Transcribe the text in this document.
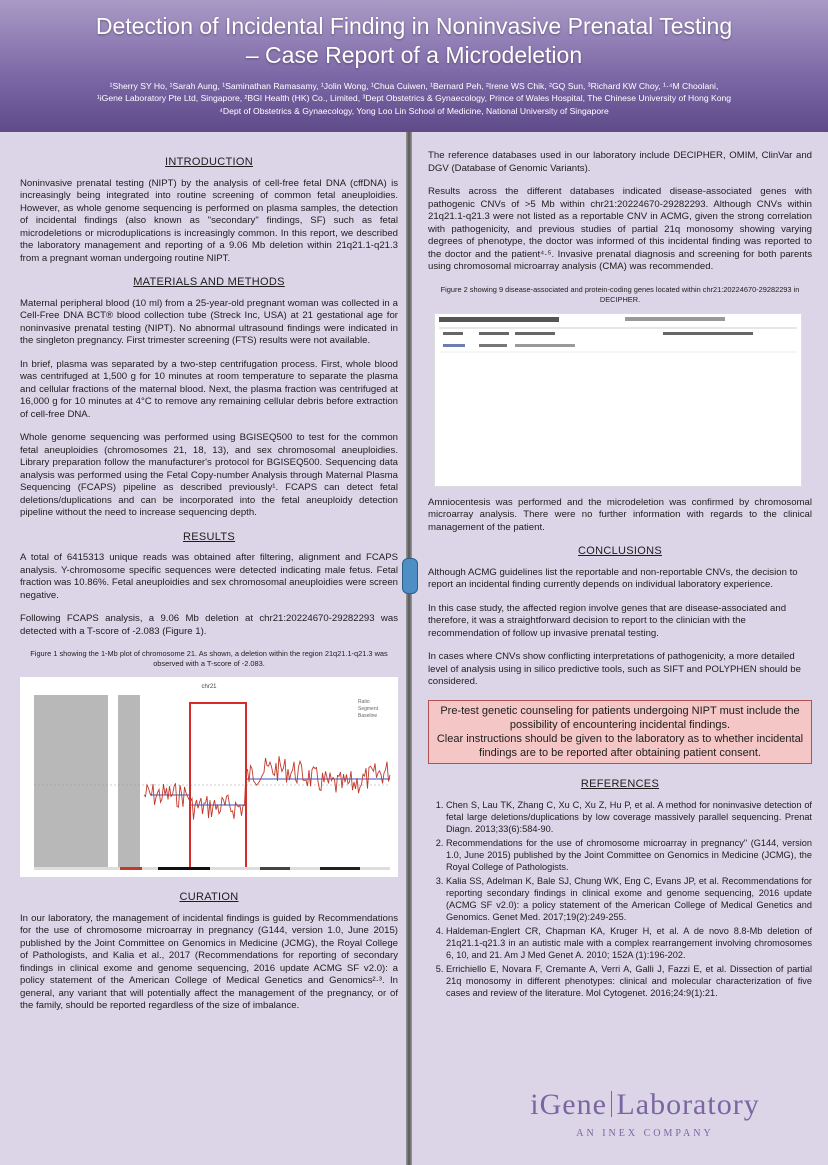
Detection of Incidental Finding in Noninvasive Prenatal Testing
– Case Report of a Microdeletion
¹Sherry SY Ho, ¹Sarah Aung, ¹Saminathan Ramasamy, ¹Jolin Wong, ¹Chua Cuiwen, ¹Bernard Peh, ²Irene WS Chik, ²GQ Sun, ³Richard KW Choy, ¹·⁴M Choolani,
¹iGene Laboratory Pte Ltd, Singapore, ²BGI Health (HK) Co., Limited, ³Dept Obstetrics & Gynaecology, Prince of Wales Hospital, The Chinese University of Hong Kong
⁴Dept of Obstetrics & Gynaecology, Yong Loo Lin School of Medicine, National University of Singapore
INTRODUCTION

Noninvasive prenatal testing (NIPT) by the analysis of cell-free fetal DNA (cffDNA) is increasingly being integrated into routine screening of common fetal aneuploidies. However, as whole genome sequencing is performed on plasma samples, the detection of incidental findings (also known as "secondary" findings, SF) such as fetal microdeletions or microduplications is increasingly common. In this report, we described the laboratory management and reporting of a 9.06 Mb deletion within 21q21.1-q21.3 from a pregnant woman undergoing routine NIPT.

MATERIALS AND METHODS

Maternal peripheral blood (10 ml) from a 25-year-old pregnant woman was collected in a Cell-Free DNA BCT® blood collection tube (Streck Inc, USA) at 21 gestational age for noninvasive prenatal testing (NIPT). No abnormal ultrasound findings were indicated in the singleton pregnancy. First trimester screening (FTS) results were not available.

In brief, plasma was separated by a two-step centrifugation process. First, whole blood was centrifuged at 1,500 g for 10 minutes at room temperature to separate the plasma and cellular fractions of the maternal blood. Next, the plasma fraction was centrifuged at 16,000 g for 10 minutes at 4°C to remove any remaining cellular debris before extraction of cell-free DNA.

Whole genome sequencing was performed using BGISEQ500 to test for the common fetal aneuploidies (chromosomes 21, 18, 13), and sex chromosomal aneuploidies. Library preparation follow the manufacturer's protocol for BGISEQ500. Sequencing data analysis was performed using the Fetal Copy-number Analysis through Maternal Plasma Sequencing (FCAPS) pipeline as described previously¹. FCAPS can detect fetal deletions/duplications and can be incorporated into the fetal aneuploidy detection pipeline without the need to increase sequencing depth.

RESULTS

A total of 6415313 unique reads was obtained after filtering, alignment and FCAPS analysis. Y-chromosome specific sequences were detected indicating male fetus. Fetal fraction was 10.86%. Fetal aneuploidies and sex chromosomal aneuploidies were screen negative.

Following FCAPS analysis, a 9.06 Mb deletion at chr21:20224670-29282293 was detected with a T-score of -2.083 (Figure 1).

Figure 1 showing the 1-Mb plot of chromosome 21. As shown, a deletion within the region 21q21.1-q21.3 was observed with a T-score of -2.083.
chr21
Ratio
Segment
Baseline
CURATION

In our laboratory, the management of incidental findings is guided by Recommendations for the use of chromosome microarray in pregnancy (G144, version 1.0, June 2015) published by the Joint Committee on Genomics in Medicine (JCMG), the Royal College of Pathologists, and Kalia et al., 2017 (Recommendations for reporting of secondary findings in clinical exome and genome sequencing, 2016 update ACMG SF v2.0): a policy statement of the American College of Medical Genetics and Genomics²·³. In general, any variant that will potentially affect the management of the pregnancy, or of the family, should be reported regardless of the size of imbalance.

The reference databases used in our laboratory include DECIPHER, OMIM, ClinVar and DGV (Database of Genomic Variants).

Results across the different databases indicated disease-associated genes with pathogenic CNVs of >5 Mb within chr21:20224670-29282293. Although CNVs within 21q21.1-q21.3 were not listed as a reportable CNV in ACMG, given the strong correlation with pathogenicity, and previous studies of partial 21q monosomy showing varying degrees of phenotype, the doctor was informed of this incidental finding was reported to the doctor and the patient⁴·⁵. Invasive prenatal diagnosis and screening for both parents using chromosomal microarray analysis (CMA) was recommended.

Figure 2 showing 9 disease-associated and protein-coding genes located within chr21:20224670-29282293 in DECIPHER.

Amniocentesis was performed and the microdeletion was confirmed by chromosomal microarray analysis. There were no further information with regards to the clinical management of the patient.

CONCLUSIONS

Although ACMG guidelines list the reportable and non-reportable CNVs, the decision to report an incidental finding currently depends on individual laboratory experience.

In this case study, the affected region involve genes that are disease-associated and therefore, it was a straightforward decision to report to the clinician with the recommendation of follow up invasive prenatal testing.

In cases where CNVs show conflicting interpretations of pathogenicity, a more detailed level of analysis using in silico predictive tools, such as SIFT and POLYPHEN should be considered.

Pre-test genetic counseling for patients undergoing NIPT must include the possibility of encountering incidental findings.
Clear instructions should be given to the laboratory as to whether incidental findings are to be reported after obtaining patient consent.
REFERENCES
1. Chen S, Lau TK, Zhang C, Xu C, Xu Z, Hu P, et al. A method for noninvasive detection of fetal large deletions/duplications by low coverage massively parallel sequencing. Prenat Diagn. 2013;33(6):584-90.
2. Recommendations for the use of chromosome microarray in pregnancy" (G144, version 1.0, June 2015) published by the Joint Committee on Genomics in Medicine (JCMG), the Royal College of Pathologists.
3. Kalia SS, Adelman K, Bale SJ, Chung WK, Eng C, Evans JP, et al. Recommendations for reporting secondary findings in clinical exome and genome sequencing, 2016 update (ACMG SF v2.0): a policy statement of the American College of Medical Genetics and Genomics. Genet Med. 2017;19(2):249-255.
4. Haldeman-Englert CR, Chapman KA, Kruger H, et al. A de novo 8.8-Mb deletion of 21q21.1-q21.3 in an autistic male with a complex rearrangement involving chromosomes 6, 10, and 21. Am J Med Genet A. 2010; 152A (1):196-202.
5. Errichiello E, Novara F, Cremante A, Verri A, Galli J, Fazzi E, et al. Dissection of partial 21q monosomy in different phenotypes: clinical and molecular characterization of five cases and review of the literature. Mol Cytogenet. 2016;24:9(1):21.
iGene Laboratory
AN INEX COMPANY
